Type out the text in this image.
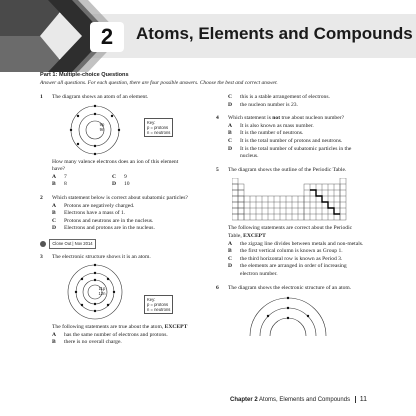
2	Atoms, Elements and Compounds
Part 1: Multiple-choice Questions
Answer all questions. For each question, there are four possible answers. Choose the best and correct answer.
1 The diagram shows an atom of an element.
9p
9n
Key:
p = protons
n = neutrons
How many valence electrons does an ion of this element have?
A 7	C 9
B 8	D 10
2 Which statement below is correct about subatomic particles?
A Protons are negatively charged.
B Electrons have a mass of 1.
C Protons and neutrons are in the nucleus.
D Electrons and protons are in the nucleus.
Clone Out | Nov 2014
3 The electronic structure shows it is an atom.
11p
12n
Key:
p = protons
n = neutrons
The following statements are true about the atom, EXCEPT
A has the same number of electrons and protons.
B there is no overall charge.
C this is a stable arrangement of electrons.
D the nucleon number is 23.
4 Which statement is not true about nucleon number?
A It is also known as mass number.
B It is the number of neutrons.
C It is the total number of protons and neutrons.
D It is the total number of subatomic particles in the nucleus.
5 The diagram shows the outline of the Periodic Table.
The following statements are correct about the Periodic Table, EXCEPT
A the zigzag line divides between metals and non-metals.
B the first vertical column is known as Group 1.
C the third horizontal row is known as Period 3.
D the elements are arranged in order of increasing electron number.
6 The diagram shows the electronic structure of an atom.
Chapter 2 Atoms, Elements and Compounds 11
